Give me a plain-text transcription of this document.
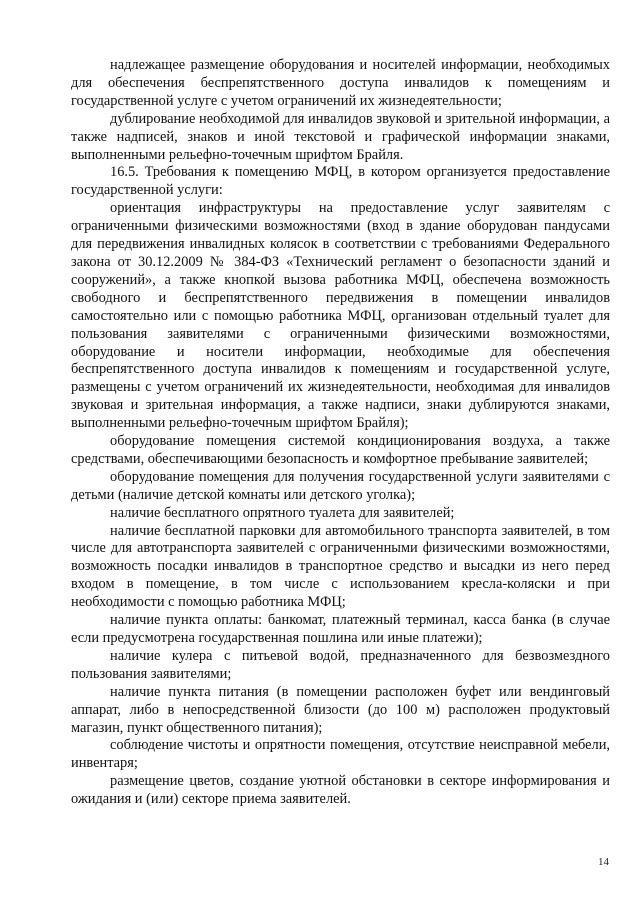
надлежащее размещение оборудования и носителей информации, необходимых для обеспечения беспрепятственного доступа инвалидов к помещениям и государственной услуге с учетом ограничений их жизнедеятельности;

дублирование необходимой для инвалидов звуковой и зрительной информации, а также надписей, знаков и иной текстовой и графической информации знаками, выполненными рельефно-точечным шрифтом Брайля.

16.5. Требования к помещению МФЦ, в котором организуется предоставление государственной услуги:

ориентация инфраструктуры на предоставление услуг заявителям с ограниченными физическими возможностями (вход в здание оборудован пандусами для передвижения инвалидных колясок в соответствии с требованиями Федерального закона от 30.12.2009 № 384-ФЗ «Технический регламент о безопасности зданий и сооружений», а также кнопкой вызова работника МФЦ, обеспечена возможность свободного и беспрепятственного передвижения в помещении инвалидов самостоятельно или с помощью работника МФЦ, организован отдельный туалет для пользования заявителями с ограниченными физическими возможностями, оборудование и носители информации, необходимые для обеспечения беспрепятственного доступа инвалидов к помещениям и государственной услуге, размещены с учетом ограничений их жизнедеятельности, необходимая для инвалидов звуковая и зрительная информация, а также надписи, знаки дублируются знаками, выполненными рельефно-точечным шрифтом Брайля);

оборудование помещения системой кондиционирования воздуха, а также средствами, обеспечивающими безопасность и комфортное пребывание заявителей;

оборудование помещения для получения государственной услуги заявителями с детьми (наличие детской комнаты или детского уголка);

наличие бесплатного опрятного туалета для заявителей;

наличие бесплатной парковки для автомобильного транспорта заявителей, в том числе для автотранспорта заявителей с ограниченными физическими возможностями, возможность посадки инвалидов в транспортное средство и высадки из него перед входом в помещение, в том числе с использованием кресла-коляски и при необходимости с помощью работника МФЦ;

наличие пункта оплаты: банкомат, платежный терминал, касса банка (в случае если предусмотрена государственная пошлина или иные платежи);

наличие кулера с питьевой водой, предназначенного для безвозмездного пользования заявителями;

наличие пункта питания (в помещении расположен буфет или вендинговый аппарат, либо в непосредственной близости (до 100 м) расположен продуктовый магазин, пункт общественного питания);

соблюдение чистоты и опрятности помещения, отсутствие неисправной мебели, инвентаря;

размещение цветов, создание уютной обстановки в секторе информирования и ожидания и (или) секторе приема заявителей.

14
